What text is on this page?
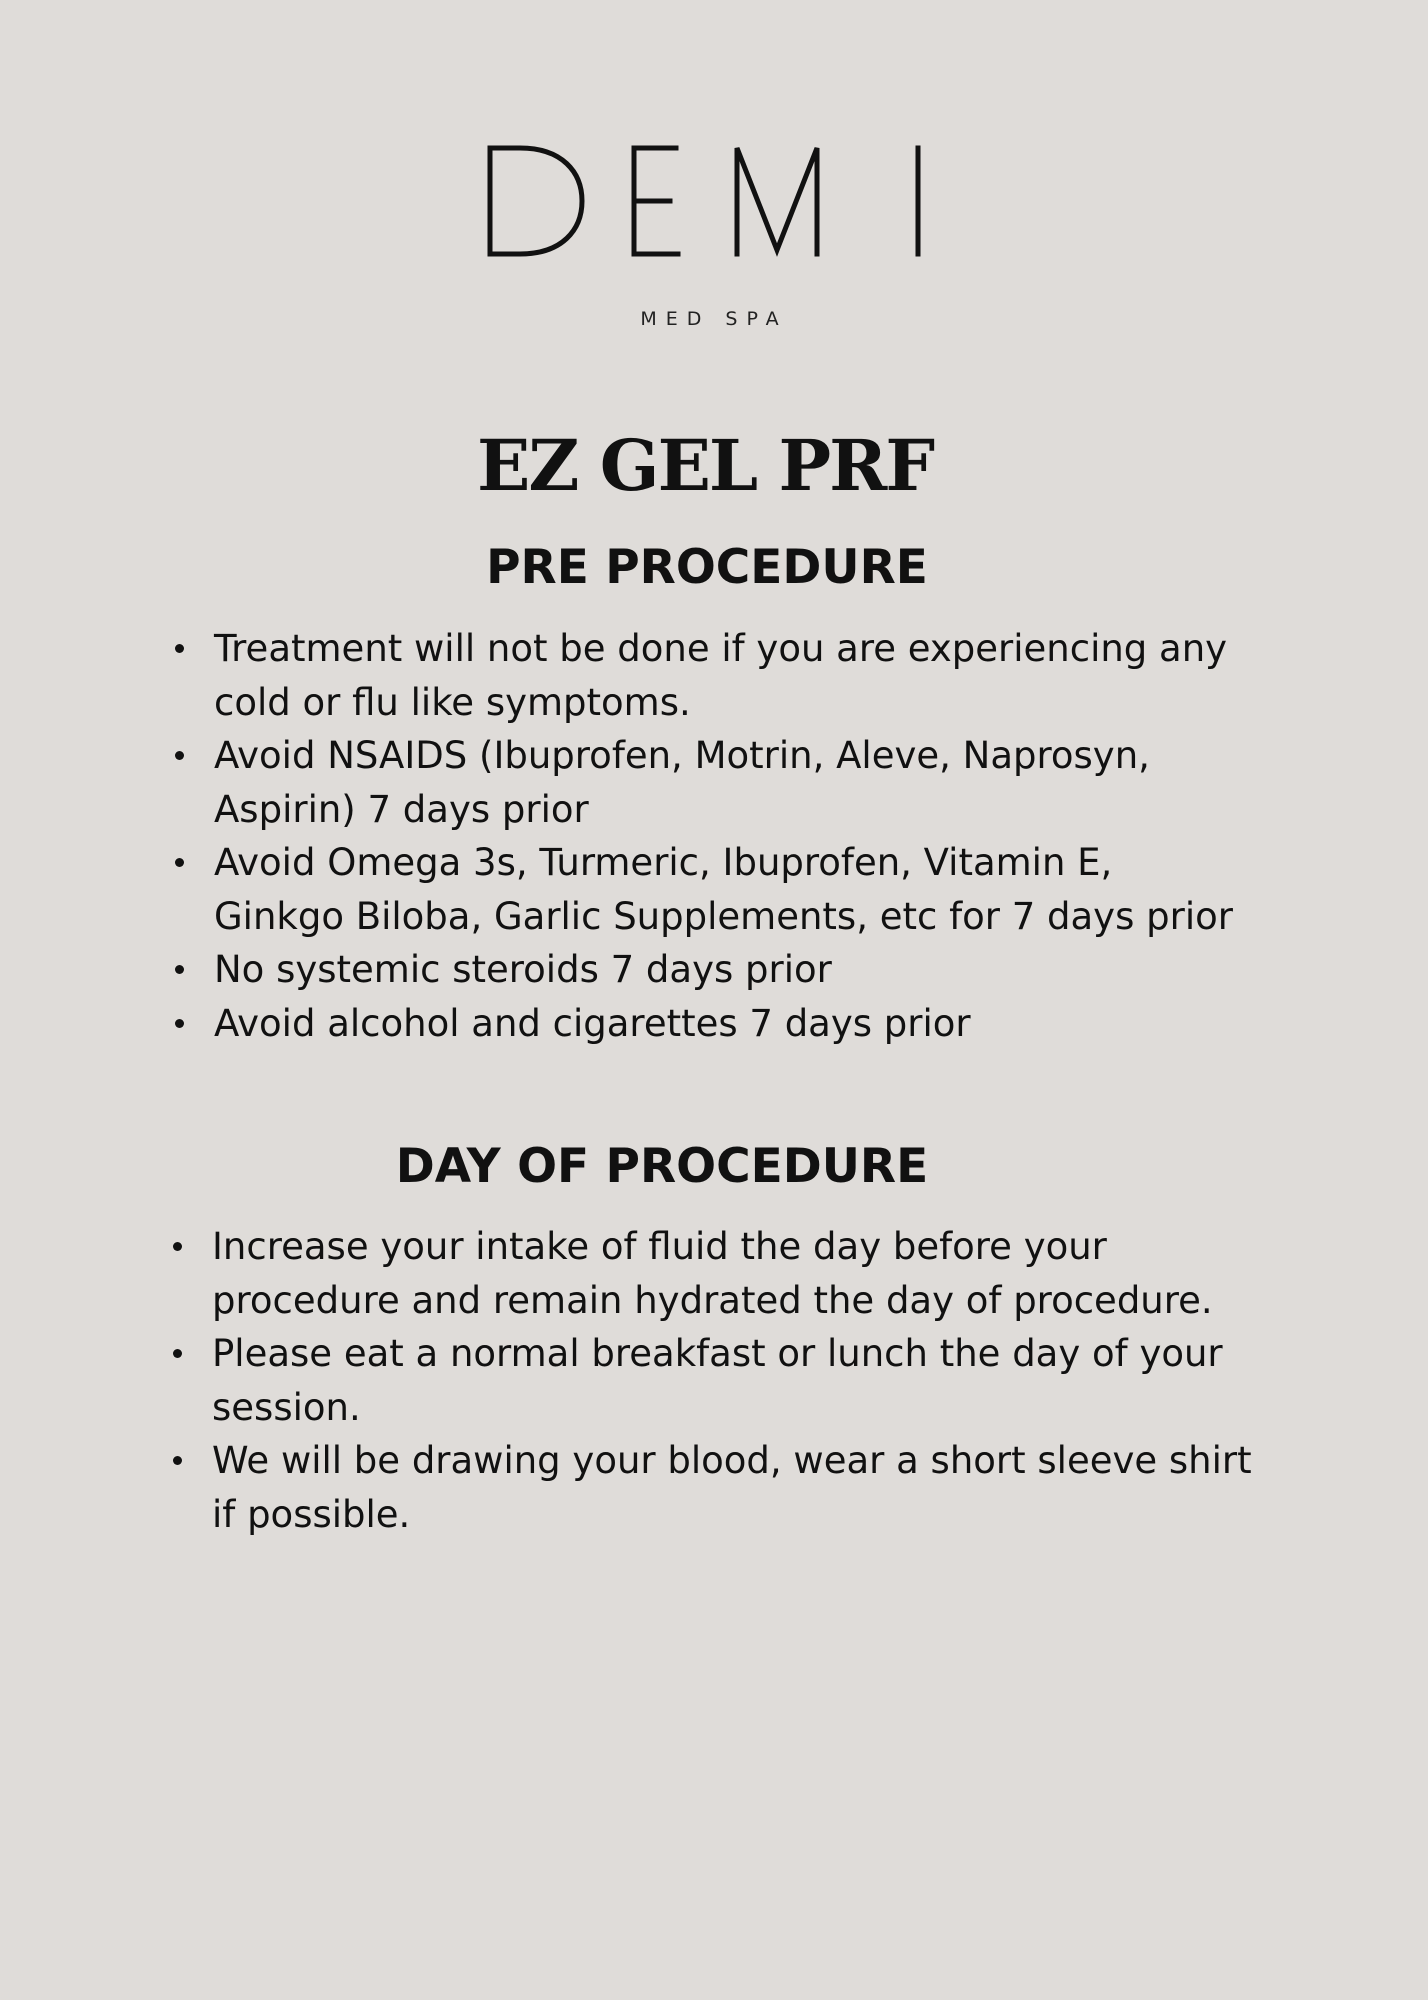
MED SPA
EZ GEL PRF
PRE PROCEDURE
Treatment will not be done if you are experiencing any cold or flu like symptoms.
Avoid NSAIDS (Ibuprofen, Motrin, Aleve, Naprosyn, Aspirin) 7 days prior
Avoid Omega 3s, Turmeric, Ibuprofen, Vitamin E, Ginkgo Biloba, Garlic Supplements, etc for 7 days prior
No systemic steroids 7 days prior
Avoid alcohol and cigarettes 7 days prior
DAY OF PROCEDURE
Increase your intake of fluid the day before your procedure and remain hydrated the day of procedure.
Please eat a normal breakfast or lunch the day of your session.
We will be drawing your blood, wear a short sleeve shirt if possible.
